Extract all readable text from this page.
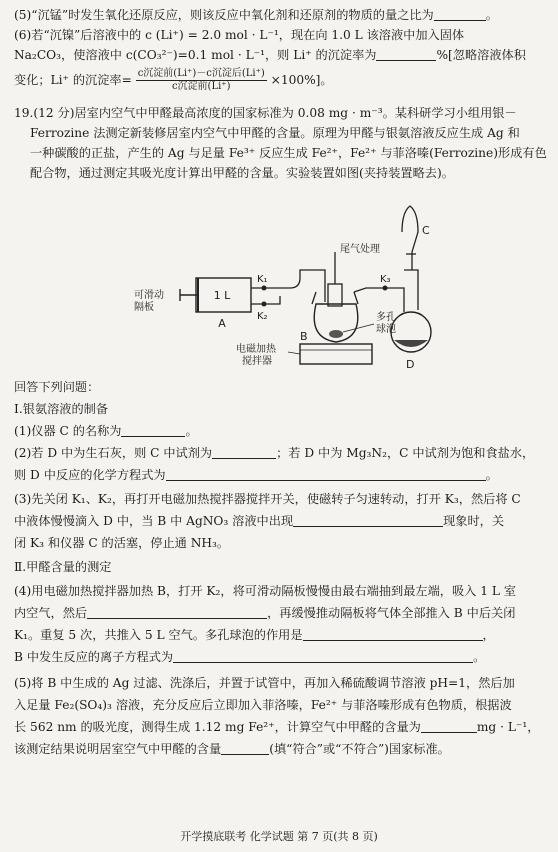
(5)“沉锰”时发生氧化还原反应，则该反应中氧化剂和还原剂的物质的量之比为	。
(6)若“沉镍”后溶液中的 c (Li⁺) = 2.0 mol · L⁻¹，现在向 1.0 L 该溶液中加入固体
Na₂CO₃，使溶液中 c(CO₃²⁻)=0.1 mol · L⁻¹，则 Li⁺ 的沉淀率为	%[忽略溶液体积
变化；Li⁺ 的沉淀率= $\frac{\text{c沉淀前(Li⁺)－c沉淀后(Li⁺)}}{\text{c沉淀前(Li⁺)}} \times 100\%$]。
19.(12 分)居室内空气中甲醛最高浓度的国家标准为 0.08 mg · m⁻³。某科研学习小组用银－
Ferrozine 法测定新装修居室内空气中甲醛的含量。原理为甲醛与银氨溶液反应生成 Ag 和
一种碳酸的正盐，产生的 Ag 与足量 Fe³⁺ 反应生成 Fe²⁺，Fe²⁺ 与菲洛嗪(Ferrozine)形成有色
配合物，通过测定其吸光度计算出甲醛的含量。实验装置如图(夹持装置略去)。
1 L
A
可滑动
隔板
K₁
K₂
尾气处理
多孔
球泡
B
电磁加热
搅拌器
K₃
C
D
回答下列问题：
Ⅰ.银氨溶液的制备
(1)仪器 C 的名称为	。
(2)若 D 中为生石灰，则 C 中试剂为	；若 D 中为 Mg₃N₂，C 中试剂为饱和食盐水，
则 D 中反应的化学方程式为	。
(3)先关闭 K₁、K₂，再打开电磁加热搅拌器搅拌开关，使磁转子匀速转动，打开 K₃，然后将 C
中液体慢慢滴入 D 中，当 B 中 AgNO₃ 溶液中出现	现象时，关
闭 K₃ 和仪器 C 的活塞，停止通 NH₃。
Ⅱ.甲醛含量的测定
(4)用电磁加热搅拌器加热 B，打开 K₂，将可滑动隔板慢慢由最右端抽到最左端，吸入 1 L 室
内空气，然后	，再缓慢推动隔板将气体全部推入 B 中后关闭
K₁。重复 5 次，共推入 5 L 空气。多孔球泡的作用是	，
B 中发生反应的离子方程式为	。
(5)将 B 中生成的 Ag 过滤、洗涤后，并置于试管中，再加入稀硫酸调节溶液 pH=1，然后加
入足量 Fe₂(SO₄)₃ 溶液，充分反应后立即加入菲洛嗪，Fe²⁺ 与菲洛嗪形成有色物质，根据波
长 562 nm 的吸光度，测得生成 1.12 mg Fe²⁺，计算空气中甲醛的含量为	mg · L⁻¹，
该测定结果说明居室空气中甲醛的含量	(填“符合”或“不符合”)国家标准。
开学摸底联考 化学试题 第 7 页(共 8 页)
